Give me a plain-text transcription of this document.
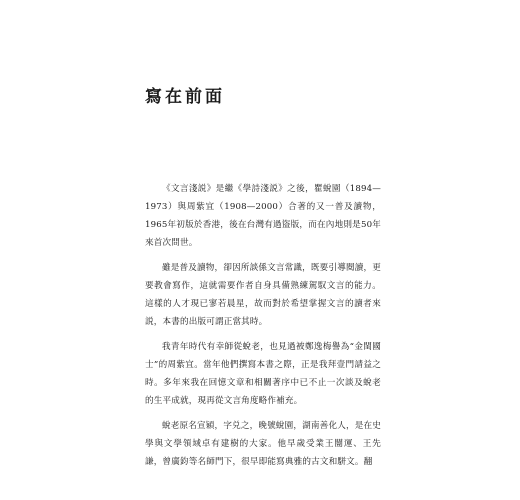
寫在前面

《文言淺説》是繼《學詩淺説》之後，瞿蛻園（1894—1973）與周紫宜（1908—2000）合著的又一普及讀物，1965年初版於香港，後在台灣有過盜版，而在內地則是50年來首次問世。

雖是普及讀物，卻因所談係文言常識，既要引導閱讀，更要教會寫作，這就需要作者自身具備熟練駕馭文言的能力。這樣的人才現已寥若晨星，故而對於希望掌握文言的讀者來説，本書的出版可謂正當其時。

我青年時代有幸師從蛻老，也見過被鄭逸梅譽為“金閨國士”的周紫宜。當年他們撰寫本書之際，正是我拜壹門請益之時。多年來我在回憶文章和相關著序中已不止一次談及蛻老的生平成就，現再從文言角度略作補充。

蛻老原名宣穎，字兑之，晚號蛻園，湖南善化人，是在史學與文學領域卓有建樹的大家。他早歲受業王闓運、王先謙，曾廣鈞等名師門下，很早即能寫典雅的古文和駢文。翻
